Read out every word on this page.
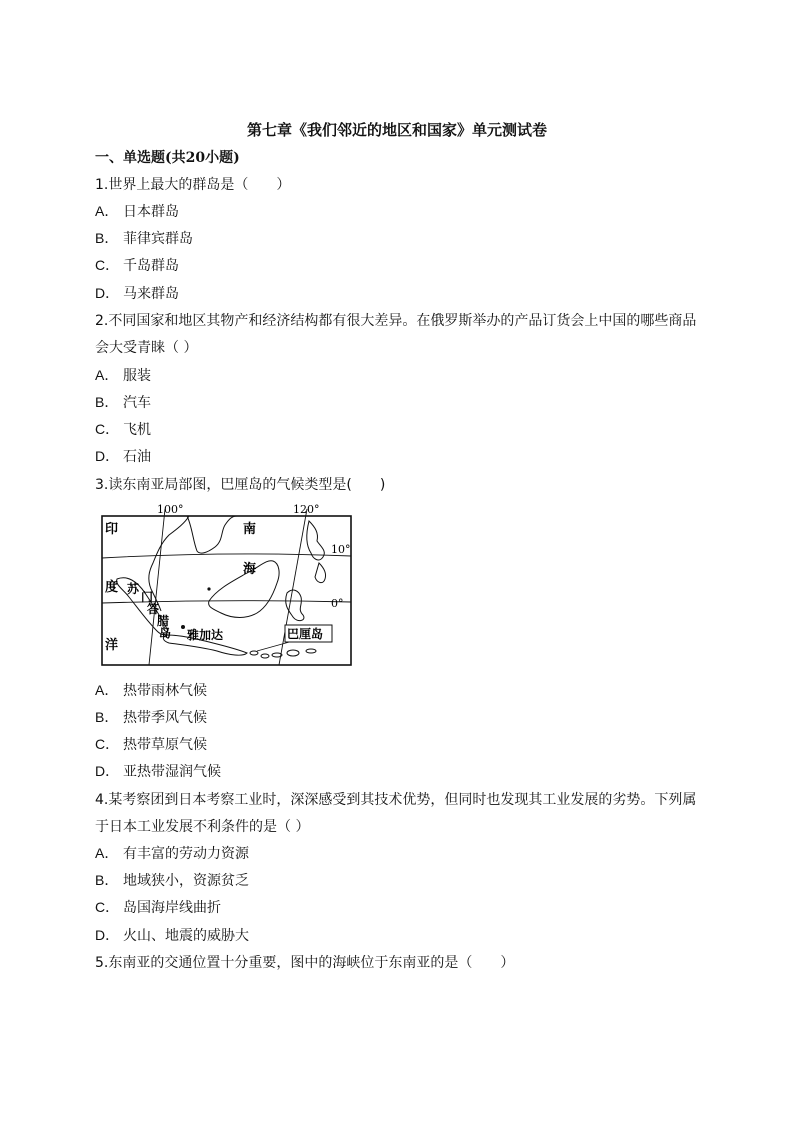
第七章《我们邻近的地区和国家》单元测试卷
一、单选题(共20小题)
1.世界上最大的群岛是（　　）
A． 日本群岛
B． 菲律宾群岛
C． 千岛群岛
D． 马来群岛
2.不同国家和地区其物产和经济结构都有很大差异。在俄罗斯举办的产品订货会上中国的哪些商品
会大受青睐（ ）
A． 服装
B． 汽车
C． 飞机
D． 石油
3.读东南亚局部图，巴厘岛的气候类型是(　　)
100°	120°
10°
0°
印
度
洋
南
海
苏
门
答
腊
岛 雅加达	巴厘岛
A． 热带雨林气候
B． 热带季风气候
C． 热带草原气候
D． 亚热带湿润气候
4.某考察团到日本考察工业时，深深感受到其技术优势，但同时也发现其工业发展的劣势。下列属
于日本工业发展不利条件的是（ ）
A． 有丰富的劳动力资源
B． 地域狭小，资源贫乏
C． 岛国海岸线曲折
D． 火山、地震的威胁大
5.东南亚的交通位置十分重要，图中的海峡位于东南亚的是（　　）
